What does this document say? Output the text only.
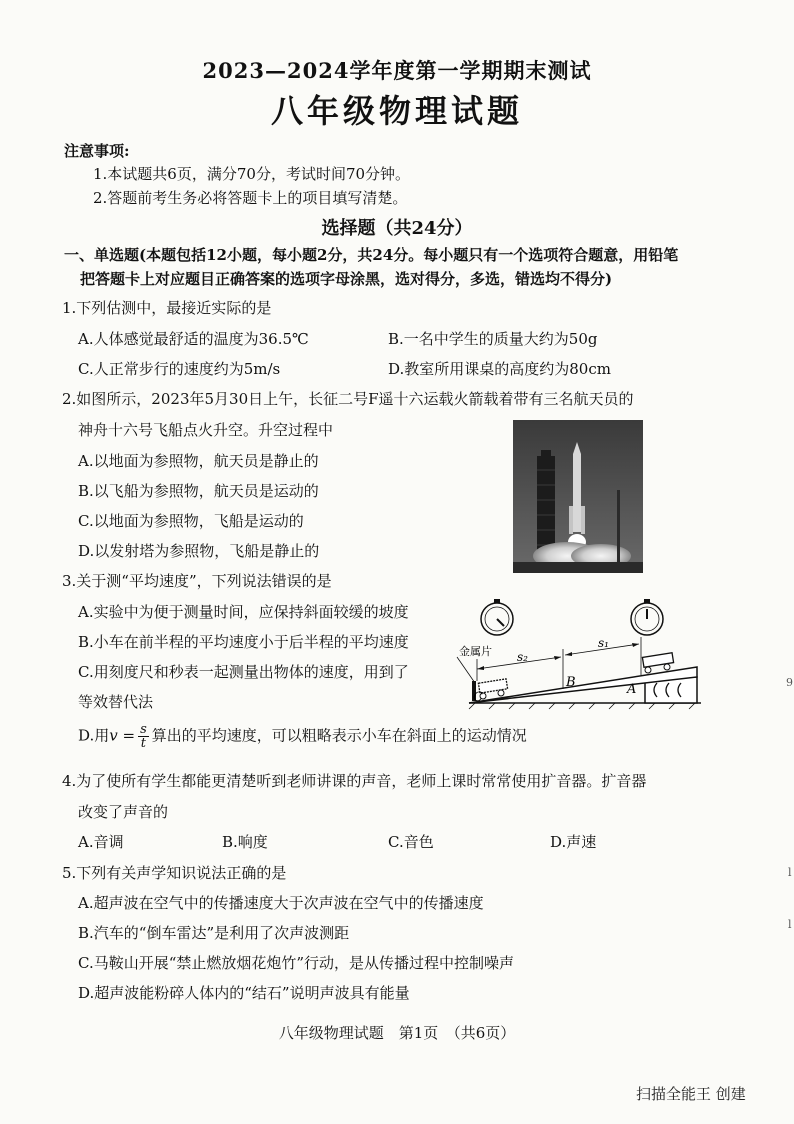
2023—2024学年度第一学期期末测试
八年级物理试题
注意事项:
1.本试题共6页，满分70分，考试时间70分钟。
2.答题前考生务必将答题卡上的项目填写清楚。
选择题（共24分）
一、单选题(本题包括12小题，每小题2分，共24分。每小题只有一个选项符合题意，用铅笔
把答题卡上对应题目正确答案的选项字母涂黑，选对得分，多选，错选均不得分)
1.下列估测中，最接近实际的是
A.人体感觉最舒适的温度为36.5℃	B.一名中学生的质量大约为50g
C.人正常步行的速度约为5m/s	D.教室所用课桌的高度约为80cm
2.如图所示，2023年5月30日上午，长征二号F遥十六运载火箭载着带有三名航天员的
神舟十六号飞船点火升空。升空过程中
A.以地面为参照物，航天员是静止的
B.以飞船为参照物，航天员是运动的
C.以地面为参照物，飞船是运动的
D.以发射塔为参照物，飞船是静止的
3.关于测“平均速度”，下列说法错误的是
A.实验中为便于测量时间，应保持斜面较缓的坡度
B.小车在前半程的平均速度小于后半程的平均速度
C.用刻度尺和秒表一起测量出物体的速度，用到了
等效替代法
D.用$v = \frac{s}{t}$ 算出的平均速度，可以粗略表示小车在斜面上的运动情况
金属片 s₂
s₁
B	A
C
4.为了使所有学生都能更清楚听到老师讲课的声音，老师上课时常常使用扩音器。扩音器
改变了声音的
A.音调	B.响度	C.音色	D.声速
5.下列有关声学知识说法正确的是
A.超声波在空气中的传播速度大于次声波在空气中的传播速度
B.汽车的“倒车雷达”是利用了次声波测距
C.马鞍山开展“禁止燃放烟花炮竹”行动，是从传播过程中控制噪声
D.超声波能粉碎人体内的“结石”说明声波具有能量
八年级物理试题　第1页　（共6页）
扫描全能王 创建
9
l
l
